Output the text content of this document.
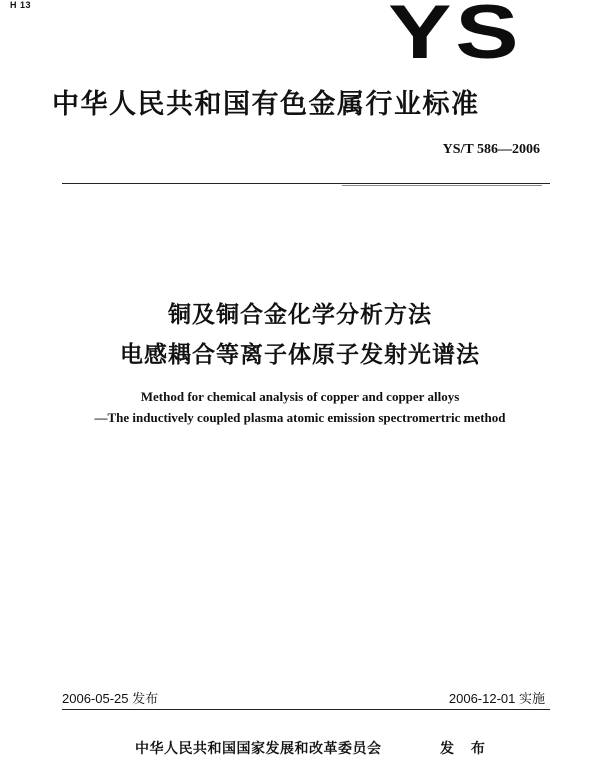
H 13	YS
中华人民共和国有色金属行业标准
YS/T 586—2006
铜及铜合金化学分析方法
电感耦合等离子体原子发射光谱法
Method for chemical analysis of copper and copper alloys
—The inductively coupled plasma atomic emission spectromertric method
2006-05-25 发布	2006-12-01 实施
中华人民共和国国家发展和改革委员会	发 布
